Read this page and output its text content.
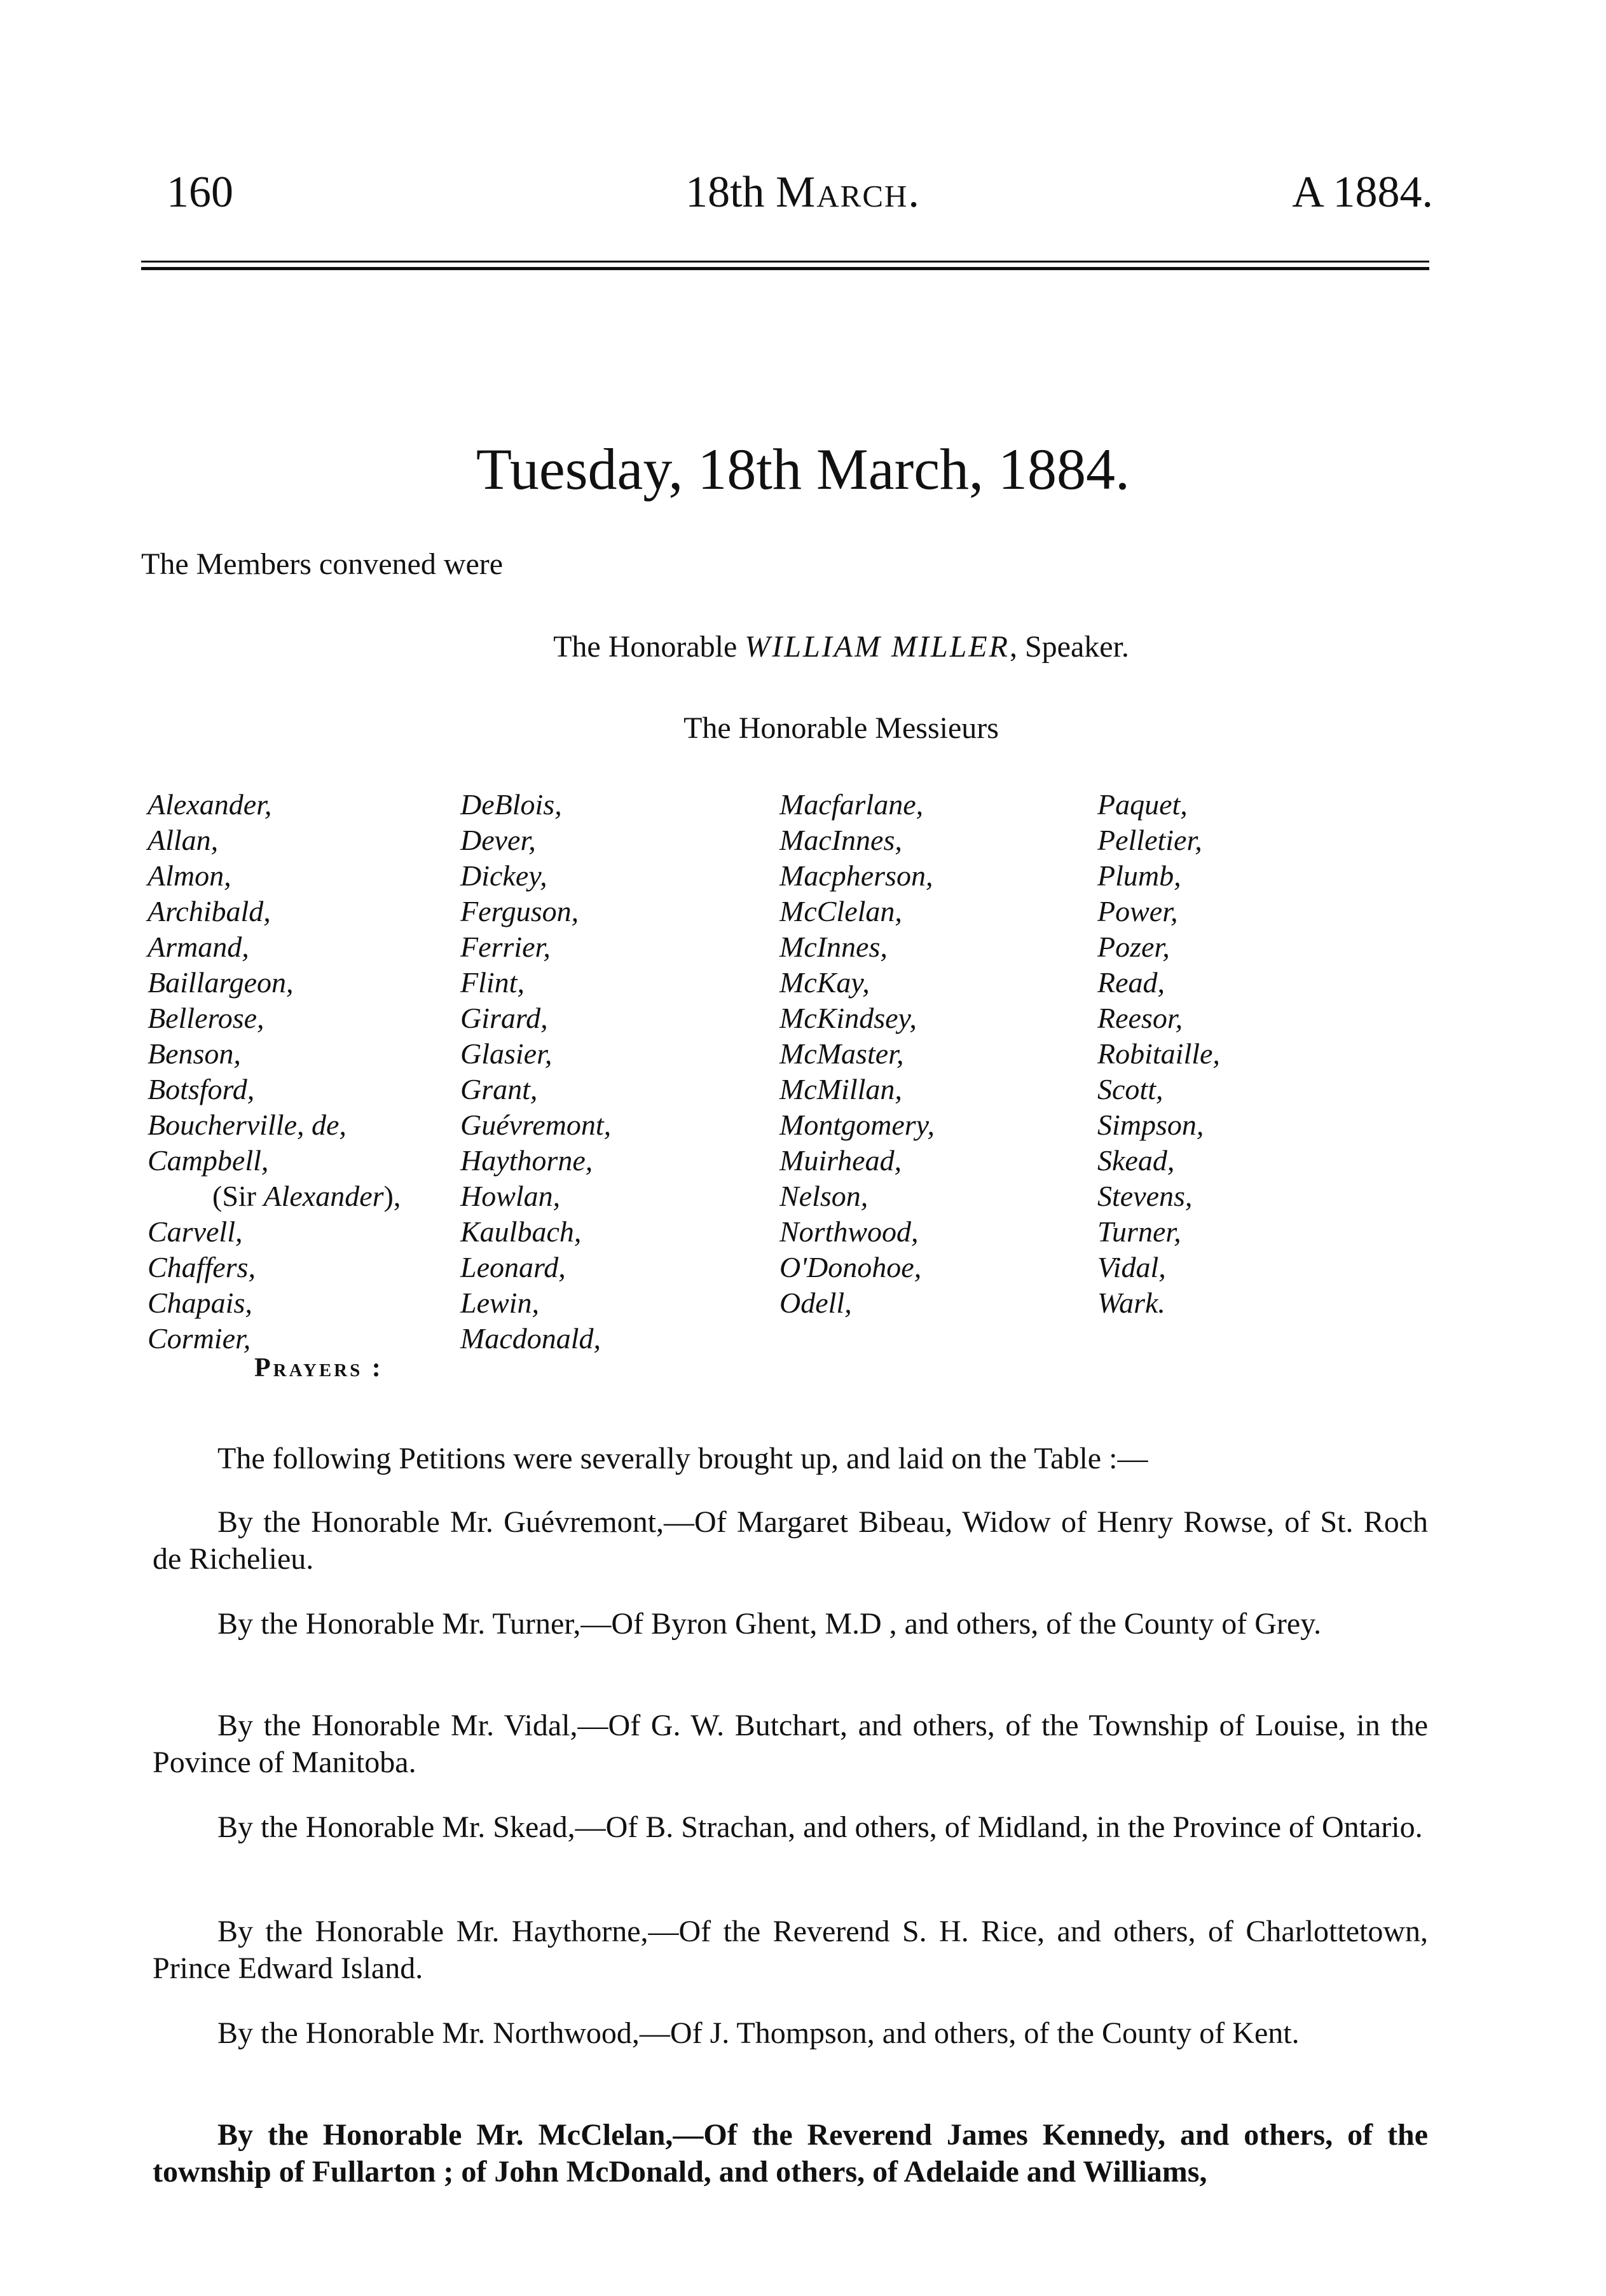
160	18th March.	A 1884.
Tuesday, 18th March, 1884.
The Members convened were
The Honorable WILLIAM MILLER, Speaker.
The Honorable Messieurs
Alexander,
Allan,
Almon,
Archibald,
Armand,
Baillargeon,
Bellerose,
Benson,
Botsford,
Boucherville, de,
Campbell,
(Sir Alexander),
Carvell,
Chaffers,
Chapais,
Cormier,
DeBlois,
Dever,
Dickey,
Ferguson,
Ferrier,
Flint,
Girard,
Glasier,
Grant,
Guévremont,
Haythorne,
Howlan,
Kaulbach,
Leonard,
Lewin,
Macdonald,
Macfarlane,
MacInnes,
Macpherson,
McClelan,
McInnes,
McKay,
McKindsey,
McMaster,
McMillan,
Montgomery,
Muirhead,
Nelson,
Northwood,
O'Donohoe,
Odell,
Paquet,
Pelletier,
Plumb,
Power,
Pozer,
Read,
Reesor,
Robitaille,
Scott,
Simpson,
Skead,
Stevens,
Turner,
Vidal,
Wark.
Prayers :
The following Petitions were severally brought up, and laid on the Table :—

By the Honorable Mr. Guévremont,—Of Margaret Bibeau, Widow of Henry Rowse, of St. Roch de Richelieu.

By the Honorable Mr. Turner,—Of Byron Ghent, M.D , and others, of the County of Grey.

By the Honorable Mr. Vidal,—Of G. W. Butchart, and others, of the Township of Louise, in the Povince of Manitoba.

By the Honorable Mr. Skead,—Of B. Strachan, and others, of Midland, in the Province of Ontario.

By the Honorable Mr. Haythorne,—Of the Reverend S. H. Rice, and others, of Charlottetown, Prince Edward Island.

By the Honorable Mr. Northwood,—Of J. Thompson, and others, of the County of Kent.

By the Honorable Mr. McClelan,—Of the Reverend James Kennedy, and others, of the township of Fullarton ; of John McDonald, and others, of Adelaide and Williams,
